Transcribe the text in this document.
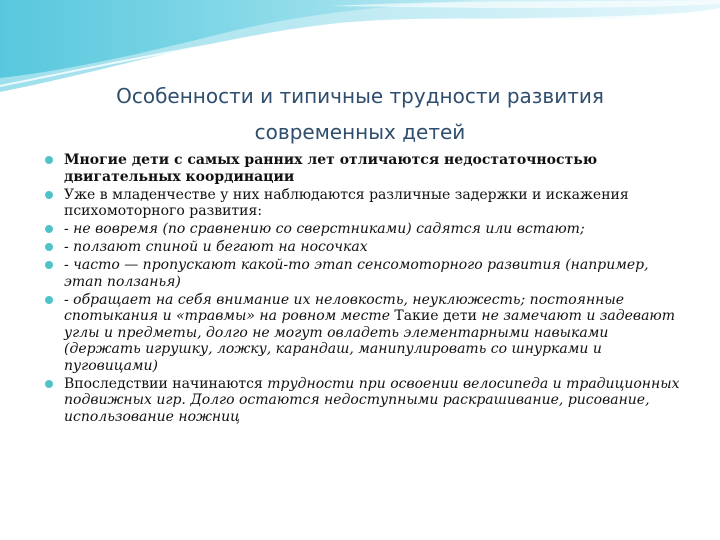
Особенности и типичные трудности развития
современных детей
Многие дети с самых ранних лет отличаются недостаточностью двигательных координации
Уже в младенчестве у них наблюдаются различные задержки и искажения психомоторного развития:
- не вовремя (по сравнению со сверстниками) садятся или встают;
- ползают спиной и бегают на носочках
- часто — пропускают какой-то этап сенсомоторного развития (например, этап ползанья)
- обращает на себя внимание их неловкость, неуклюжесть; постоянные спотыкания и «травмы» на ровном месте Такие дети не замечают и задевают углы и предметы, долго не могут овладеть элементарными навыками (держать игрушку, ложку, карандаш, манипулировать со шнурками и пуговицами)
Впоследствии начинаются трудности при освоении велосипеда и традиционных подвижных игр. Долго остаются недоступными раскрашивание, рисование, использование ножниц
